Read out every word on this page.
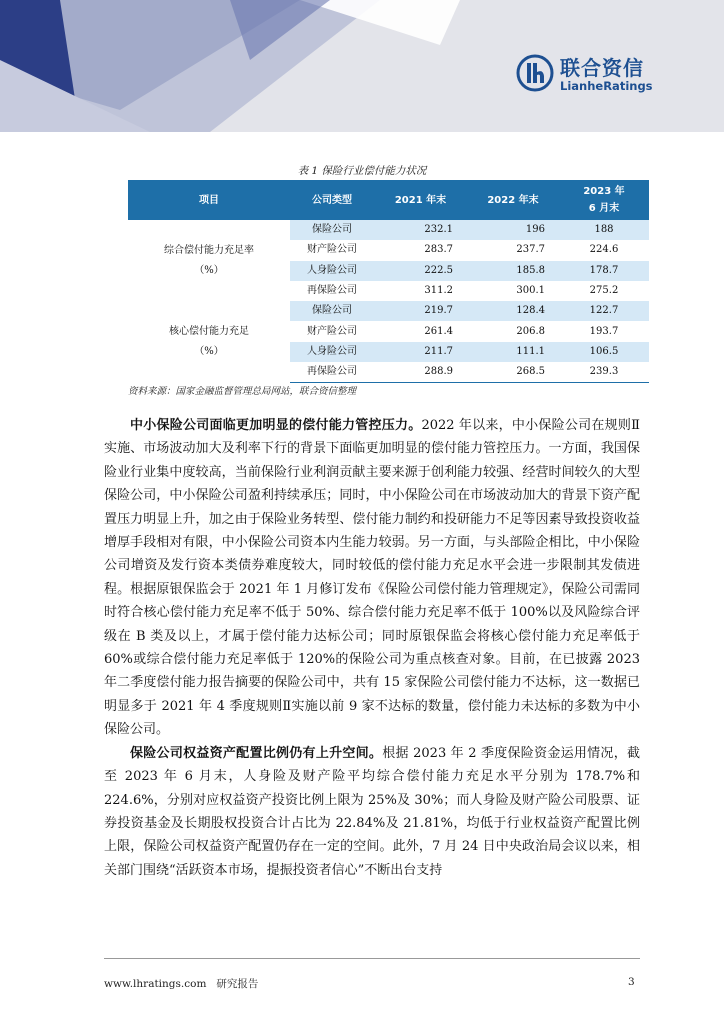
联合资信
LianheRatings
表 1 保险行业偿付能力状况
项目	公司类型	2021 年末	2022 年末	2023 年
6 月末

综合偿付能力充足率
（%）	保险公司	232.1	196	188
	财产险公司	283.7	237.7	224.6
	人身险公司	222.5	185.8	178.7
	再保险公司	311.2	300.1	275.2

核心偿付能力充足
（%）	保险公司	219.7	128.4	122.7
	财产险公司	261.4	206.8	193.7
	人身险公司	211.7	111.1	106.5
	再保险公司	288.9	268.5	239.3
资料来源：国家金融监督管理总局网站，联合资信整理

中小保险公司面临更加明显的偿付能力管控压力。2022 年以来，中小保险公司在规则Ⅱ实施、市场波动加大及利率下行的背景下面临更加明显的偿付能力管控压力。一方面，我国保险业行业集中度较高，当前保险行业利润贡献主要来源于创利能力较强、经营时间较久的大型保险公司，中小保险公司盈利持续承压；同时，中小保险公司在市场波动加大的背景下资产配置压力明显上升，加之由于保险业务转型、偿付能力制约和投研能力不足等因素导致投资收益增厚手段相对有限，中小保险公司资本内生能力较弱。另一方面，与头部险企相比，中小保险公司增资及发行资本类债券难度较大，同时较低的偿付能力充足水平会进一步限制其发债进程。根据原银保监会于 2021 年 1 月修订发布《保险公司偿付能力管理规定》，保险公司需同时符合核心偿付能力充足率不低于 50%、综合偿付能力充足率不低于 100%以及风险综合评级在 B 类及以上，才属于偿付能力达标公司；同时原银保监会将核心偿付能力充足率低于 60%或综合偿付能力充足率低于 120%的保险公司为重点核查对象。目前，在已披露 2023 年二季度偿付能力报告摘要的保险公司中，共有 15 家保险公司偿付能力不达标，这一数据已明显多于 2021 年 4 季度规则Ⅱ实施以前 9 家不达标的数量，偿付能力未达标的多数为中小保险公司。

保险公司权益资产配置比例仍有上升空间。根据 2023 年 2 季度保险资金运用情况，截至 2023 年 6 月末，人身险及财产险平均综合偿付能力充足水平分别为 178.7%和 224.6%，分别对应权益资产投资比例上限为 25%及 30%；而人身险及财产险公司股票、证券投资基金及长期股权投资合计占比为 22.84%及 21.81%，均低于行业权益资产配置比例上限，保险公司权益资产配置仍存在一定的空间。此外，7 月 24 日中央政治局会议以来，相关部门围绕“活跃资本市场，提振投资者信心”不断出台支持

www.lhratings.com 研究报告	3
